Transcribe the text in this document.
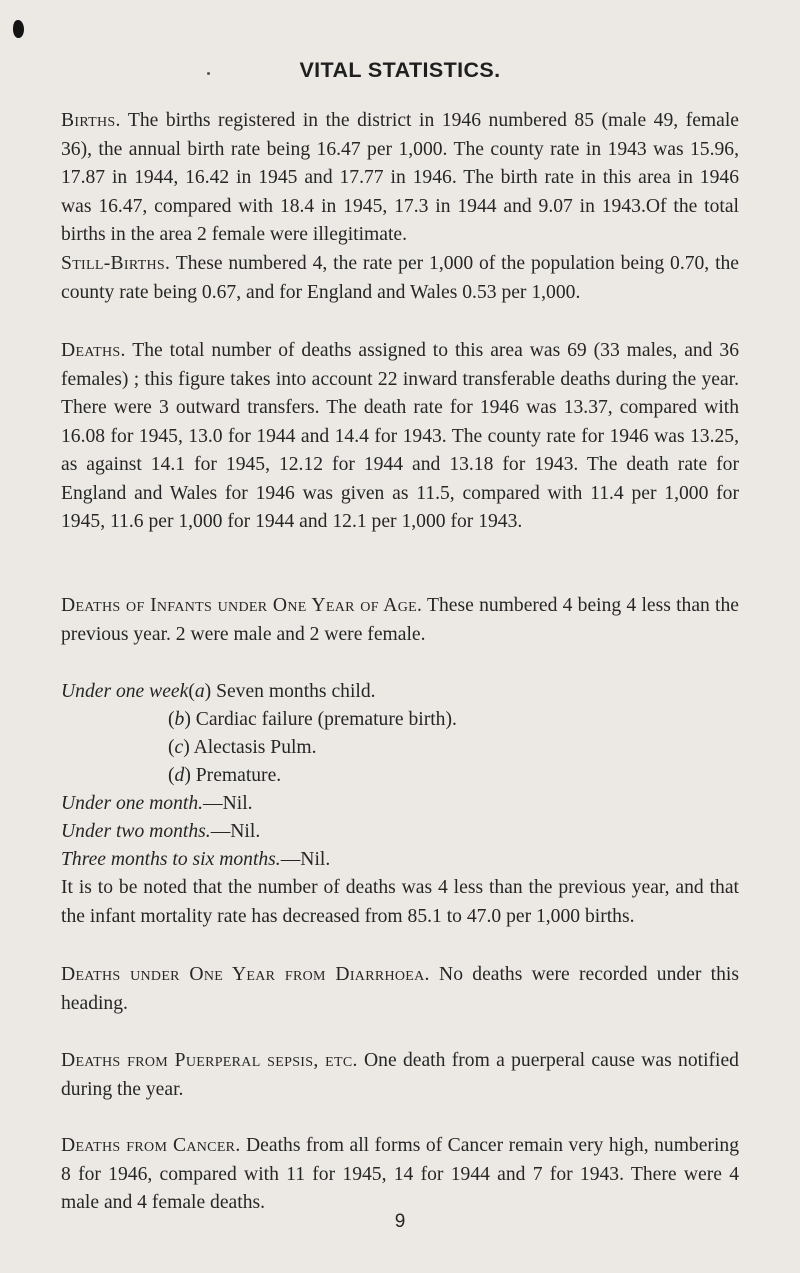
VITAL STATISTICS.

Births. The births registered in the district in 1946 numbered 85 (male 49, female 36), the annual birth rate being 16.47 per 1,000. The county rate in 1943 was 15.96, 17.87 in 1944, 16.42 in 1945 and 17.77 in 1946. The birth rate in this area in 1946 was 16.47, compared with 18.4 in 1945, 17.3 in 1944 and 9.07 in 1943.Of the total births in the area 2 female were illegitimate.

Still-Births. These numbered 4, the rate per 1,000 of the population being 0.70, the county rate being 0.67, and for England and Wales 0.53 per 1,000.

Deaths. The total number of deaths assigned to this area was 69 (33 males, and 36 females) ; this figure takes into account 22 inward transferable deaths during the year. There were 3 outward transfers. The death rate for 1946 was 13.37, compared with 16.08 for 1945, 13.0 for 1944 and 14.4 for 1943. The county rate for 1946 was 13.25, as against 14.1 for 1945, 12.12 for 1944 and 13.18 for 1943. The death rate for England and Wales for 1946 was given as 11.5, compared with 11.4 per 1,000 for 1945, 11.6 per 1,000 for 1944 and 12.1 per 1,000 for 1943.

Deaths of Infants under One Year of Age. These numbered 4 being 4 less than the previous year. 2 were male and 2 were female.

Under one week(a) Seven months child.

(b) Cardiac failure (premature birth).

(c) Alectasis Pulm.

(d) Premature.

Under one month.—Nil.

Under two months.—Nil.

Three months to six months.—Nil.

It is to be noted that the number of deaths was 4 less than the previous year, and that the infant mortality rate has decreased from 85.1 to 47.0 per 1,000 births.

Deaths under One Year from Diarrhoea. No deaths were recorded under this heading.

Deaths from Puerperal sepsis, etc. One death from a puerperal cause was notified during the year.

Deaths from Cancer. Deaths from all forms of Cancer remain very high, numbering 8 for 1946, compared with 11 for 1945, 14 for 1944 and 7 for 1943. There were 4 male and 4 female deaths.

9
